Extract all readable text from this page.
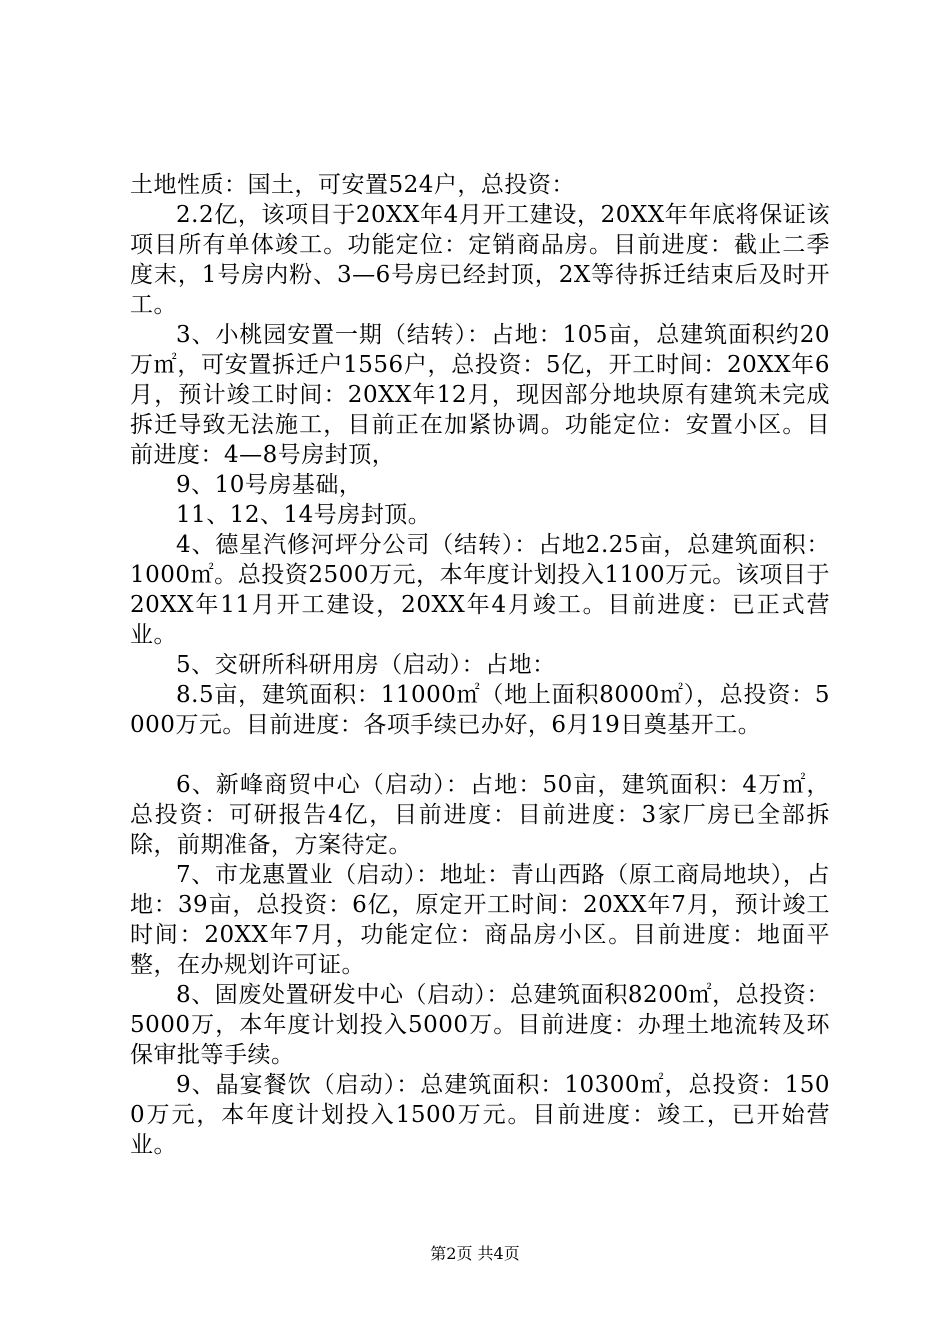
土地性质：国土，可安置524户，总投资：

2.2亿，该项目于20XX年4月开工建设，20XX年年底将保证该项目所有单体竣工。功能定位：定销商品房。目前进度：截止二季度末，1号房内粉、3—6号房已经封顶，2X等待拆迁结束后及时开工。

3、小桃园安置一期（结转）：占地：105亩，总建筑面积约20万㎡，可安置拆迁户1556户，总投资：5亿，开工时间：20XX年6月，预计竣工时间：20XX年12月，现因部分地块原有建筑未完成拆迁导致无法施工，目前正在加紧协调。功能定位：安置小区。目前进度：4—8号房封顶，

9、10号房基础，

11、12、14号房封顶。

4、德星汽修河坪分公司（结转）：占地2.25亩，总建筑面积：1000㎡。总投资2500万元，本年度计划投入1100万元。该项目于20XX年11月开工建设，20XX年4月竣工。目前进度：已正式营业。

5、交研所科研用房（启动）：占地：

8.5亩，建筑面积：11000㎡（地上面积8000㎡），总投资：5000万元。目前进度：各项手续已办好，6月19日奠基开工。

6、新峰商贸中心（启动）：占地：50亩，建筑面积：4万㎡，总投资：可研报告4亿，目前进度：目前进度：3家厂房已全部拆除，前期准备，方案待定。

7、市龙惠置业（启动）：地址：青山西路（原工商局地块），占地：39亩，总投资：6亿，原定开工时间：20XX年7月，预计竣工时间：20XX年7月，功能定位：商品房小区。目前进度：地面平整，在办规划许可证。

8、固废处置研发中心（启动）：总建筑面积8200㎡，总投资：5000万，本年度计划投入5000万。目前进度：办理土地流转及环保审批等手续。

9、晶宴餐饮（启动）：总建筑面积：10300㎡，总投资：1500万元，本年度计划投入1500万元。目前进度：竣工，已开始营业。

第2页 共4页
